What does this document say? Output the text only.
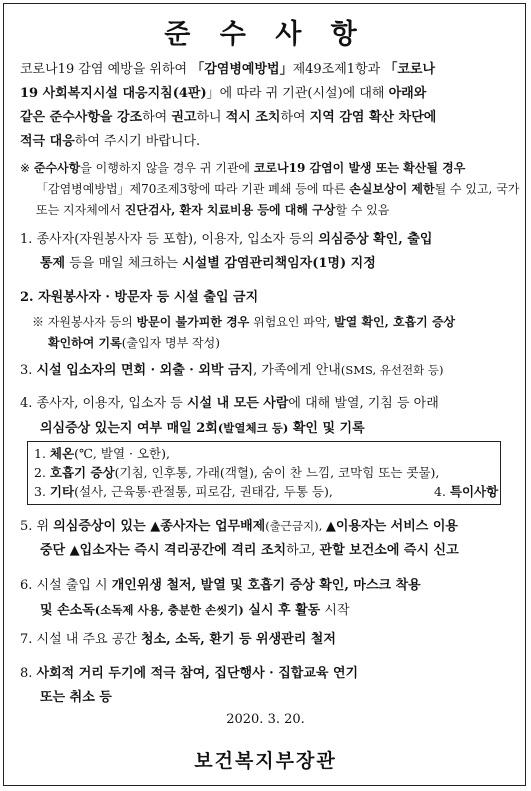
준 수 사 항
코로나19 감염 예방을 위하여 「감염병예방법」제49조제1항과 「코로나
19 사회복지시설 대응지침(4판)」에 따라 귀 기관(시설)에 대해 아래와
같은 준수사항을 강조하여 권고하니 적시 조치하여 지역 감염 확산 차단에
적극 대응하여 주시기 바랍니다.
※ 준수사항을 이행하지 않을 경우 귀 기관에 코로나19 감염이 발생 또는 확산될 경우
「감염병예방법」제70조제3항에 따라 기관 폐쇄 등에 따른 손실보상이 제한될 수 있고, 국가
또는 지자체에서 진단검사, 환자 치료비용 등에 대해 구상할 수 있음
1. 종사자(자원봉사자 등 포함), 이용자, 입소자 등의 의심증상 확인, 출입
통제 등을 매일 체크하는 시설별 감염관리책임자(1명) 지정
2. 자원봉사자 · 방문자 등 시설 출입 금지
※ 자원봉사자 등의 방문이 불가피한 경우 위험요인 파악, 발열 확인, 호흡기 증상
확인하여 기록(출입자 명부 작성)
3. 시설 입소자의 면회 · 외출 · 외박 금지, 가족에게 안내(SMS, 유선전화 등)
4. 종사자, 이용자, 입소자 등 시설 내 모든 사람에 대해 발열, 기침 등 아래
의심증상 있는지 여부 매일 2회(발열체크 등) 확인 및 기록
1. 체온(℃, 발열 · 오한),
2. 호흡기 증상(기침, 인후통, 가래(객혈), 숨이 찬 느낌, 코막힘 또는 콧물),
3. 기타(설사, 근육통·관절통, 피로감, 권태감, 두통 등),	4. 특이사항
5. 위 의심증상이 있는 ▲종사자는 업무배제(출근금지), ▲이용자는 서비스 이용
중단 ▲입소자는 즉시 격리공간에 격리 조치하고, 관할 보건소에 즉시 신고
6. 시설 출입 시 개인위생 철저, 발열 및 호흡기 증상 확인, 마스크 착용
및 손소독(소독제 사용, 충분한 손씻기) 실시 후 활동 시작
7. 시설 내 주요 공간 청소, 소독, 환기 등 위생관리 철저
8. 사회적 거리 두기에 적극 참여, 집단행사 · 집합교육 연기
또는 취소 등
2020. 3. 20.
보건복지부장관
